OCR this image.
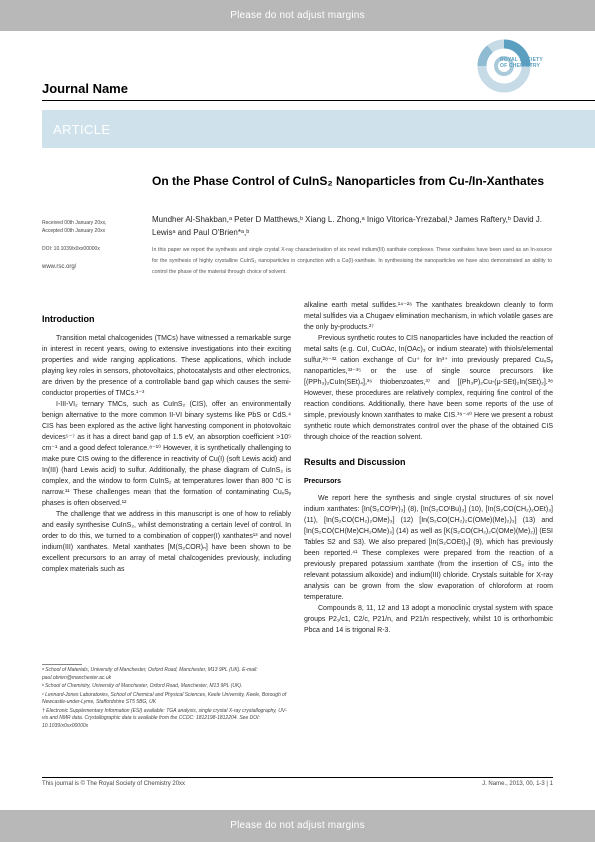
Please do not adjust margins
ROYAL SOCIETY
OF CHEMISTRY
Journal Name
ARTICLE
On the Phase Control of CuInS₂ Nanoparticles from Cu-/In-Xanthates
Received 00th January 20xx,
Accepted 00th January 20xx
DOI: 10.1039/x0xx00000x
www.rsc.org/
Mundher Al-Shakban,ᵃ Peter D Matthews,ᵇ Xiang L. Zhong,ᵃ Inigo Vitorica-Yrezabal,ᵇ James Raftery,ᵇ David J. Lewisᵃ and Paul O'Brien*ᵃ,ᵇ
In this paper we report the synthesis and single crystal X-ray characterisation of six novel indium(III) xanthate complexes. These xanthates have been used as an In-source for the synthesis of highly crystalline CuInS₂ nanoparticles in conjunction with a Cu(I)-xanthate. In synthesising the nanoparticles we have also demonstrated an ability to control the phase of the material through choice of solvent.
Introduction

Transition metal chalcogenides (TMCs) have witnessed a remarkable surge in interest in recent years, owing to extensive investigations into their exciting properties and wide ranging applications. These applications, which include playing key roles in sensors, photovoltaics, photocatalysts and other electronics, are driven by the presence of a controllable band gap which causes the semi-conductor properties of TMCs.¹⁻³

I-III-VI₂ ternary TMCs, such as CuInS₂ (CIS), offer an environmentally benign alternative to the more common II-VI binary systems like PbS or CdS.⁴ CIS has been explored as the active light harvesting component in photovoltaic devices⁵⁻⁷ as it has a direct band gap of 1.5 eV, an absorption coefficient >10⁵ cm⁻¹ and a good defect tolerance.⁸⁻¹⁰ However, it is synthetically challenging to make pure CIS owing to the difference in reactivity of Cu(I) (soft Lewis acid) and In(III) (hard Lewis acid) to sulfur. Additionally, the phase diagram of CuInS₂ is complex, and the window to form CuInS₂ at temperatures lower than 800 °C is narrow.¹¹ These challenges mean that the formation of contaminating CuₓSᵧ phases is often observed.¹²

The challenge that we address in this manuscript is one of how to reliably and easily synthesise CuInS₂, whilst demonstrating a certain level of control. In order to do this, we turned to a combination of copper(I) xanthates¹³ and novel indium(III) xanthates. Metal xanthates [M(S₂COR)ₙ] have been shown to be excellent precursors to an array of metal chalcogenides previously, including complex materials such as

ᵃ School of Materials, University of Manchester, Oxford Road, Manchester, M13 9PL (UK). E-mail: paul.obrien@manchester.ac.uk
ᵇ School of Chemistry, University of Manchester, Oxford Road, Manchester, M13 9PL (UK).
ᶜ Lennard-Jones Laboratories, School of Chemical and Physical Sciences, Keele University, Keele, Borough of Newcastle-under-Lyme, Staffordshire ST5 5BG, UK
† Electronic Supplementary Information (ESI) available: TGA analysis, single crystal X-ray crystallography, UV-vis and NMR data. Crystallographic data is available from the CCDC: 1812198-1812204. See DOI: 10.1039/x0xx00000x

alkaline earth metal sulfides.¹⁴⁻²⁶ The xanthates breakdown cleanly to form metal sulfides via a Chugaev elimination mechanism, in which volatile gases are the only by-products.²⁷

Previous synthetic routes to CIS nanoparticles have included the reaction of metal salts (e.g. CuI, CuOAc, In(OAc)₃ or indium stearate) with thiols/elemental sulfur,²⁸⁻³² cation exchange of Cu⁺ for In³⁺ into previously prepared CuₓSᵧ nanoparticles,³³⁻³⁵ or the use of single source precursors like [(PPh₃)₂CuIn(SEt)₄],³⁶ thiobenzoates,³⁷ and [(Ph₃P)₂Cu-(μ-SEt)₂In(SEt)₂].³⁸ However, these procedures are relatively complex, requiring fine control of the reaction conditions. Additionally, there have been some reports of the use of simple, previously known xanthates to make CIS.³⁹⁻⁴⁰ Here we present a robust synthetic route which demonstrates control over the phase of the obtained CIS through choice of the reaction solvent.

Results and Discussion
Precursors

We report here the synthesis and single crystal structures of six novel indium xanthates: [In(S₂COⁱPr)₃] (8), [In(S₂COᵗBu)₃] (10), [In(S₂CO(CH₂)₂OEt)₃] (11), [In(S₂CO(CH₂)₂OMe)₃] (12) [In(S₂CO(CH₂)₂C(OMe)(Me)₂)₃] (13) and [In(S₂CO(CH(Me)CH₂OMe)₃] (14) as well as [K(S₂CO(CH₂)₂C(OMe)(Me)₂)] (ESI Tables S2 and S3). We also prepared [In(S₂COEt)₃] (9), which has previously been reported.⁴¹ These complexes were prepared from the reaction of a previously prepared potassium xanthate (from the insertion of CS₂ into the relevant potassium alkoxide) and indium(III) chloride. Crystals suitable for X-ray analysis can be grown from the slow evaporation of chloroform at room temperature.

Compounds 8, 11, 12 and 13 adopt a monoclinic crystal system with space groups P2₁/c1, C2/c, P21/n, and P21/n respectively, whilst 10 is orthorhombic Pbca and 14 is trigonal R-3.

This journal is © The Royal Society of Chemistry 20xx	J. Name., 2013, 00, 1-3 | 1
Please do not adjust margins
